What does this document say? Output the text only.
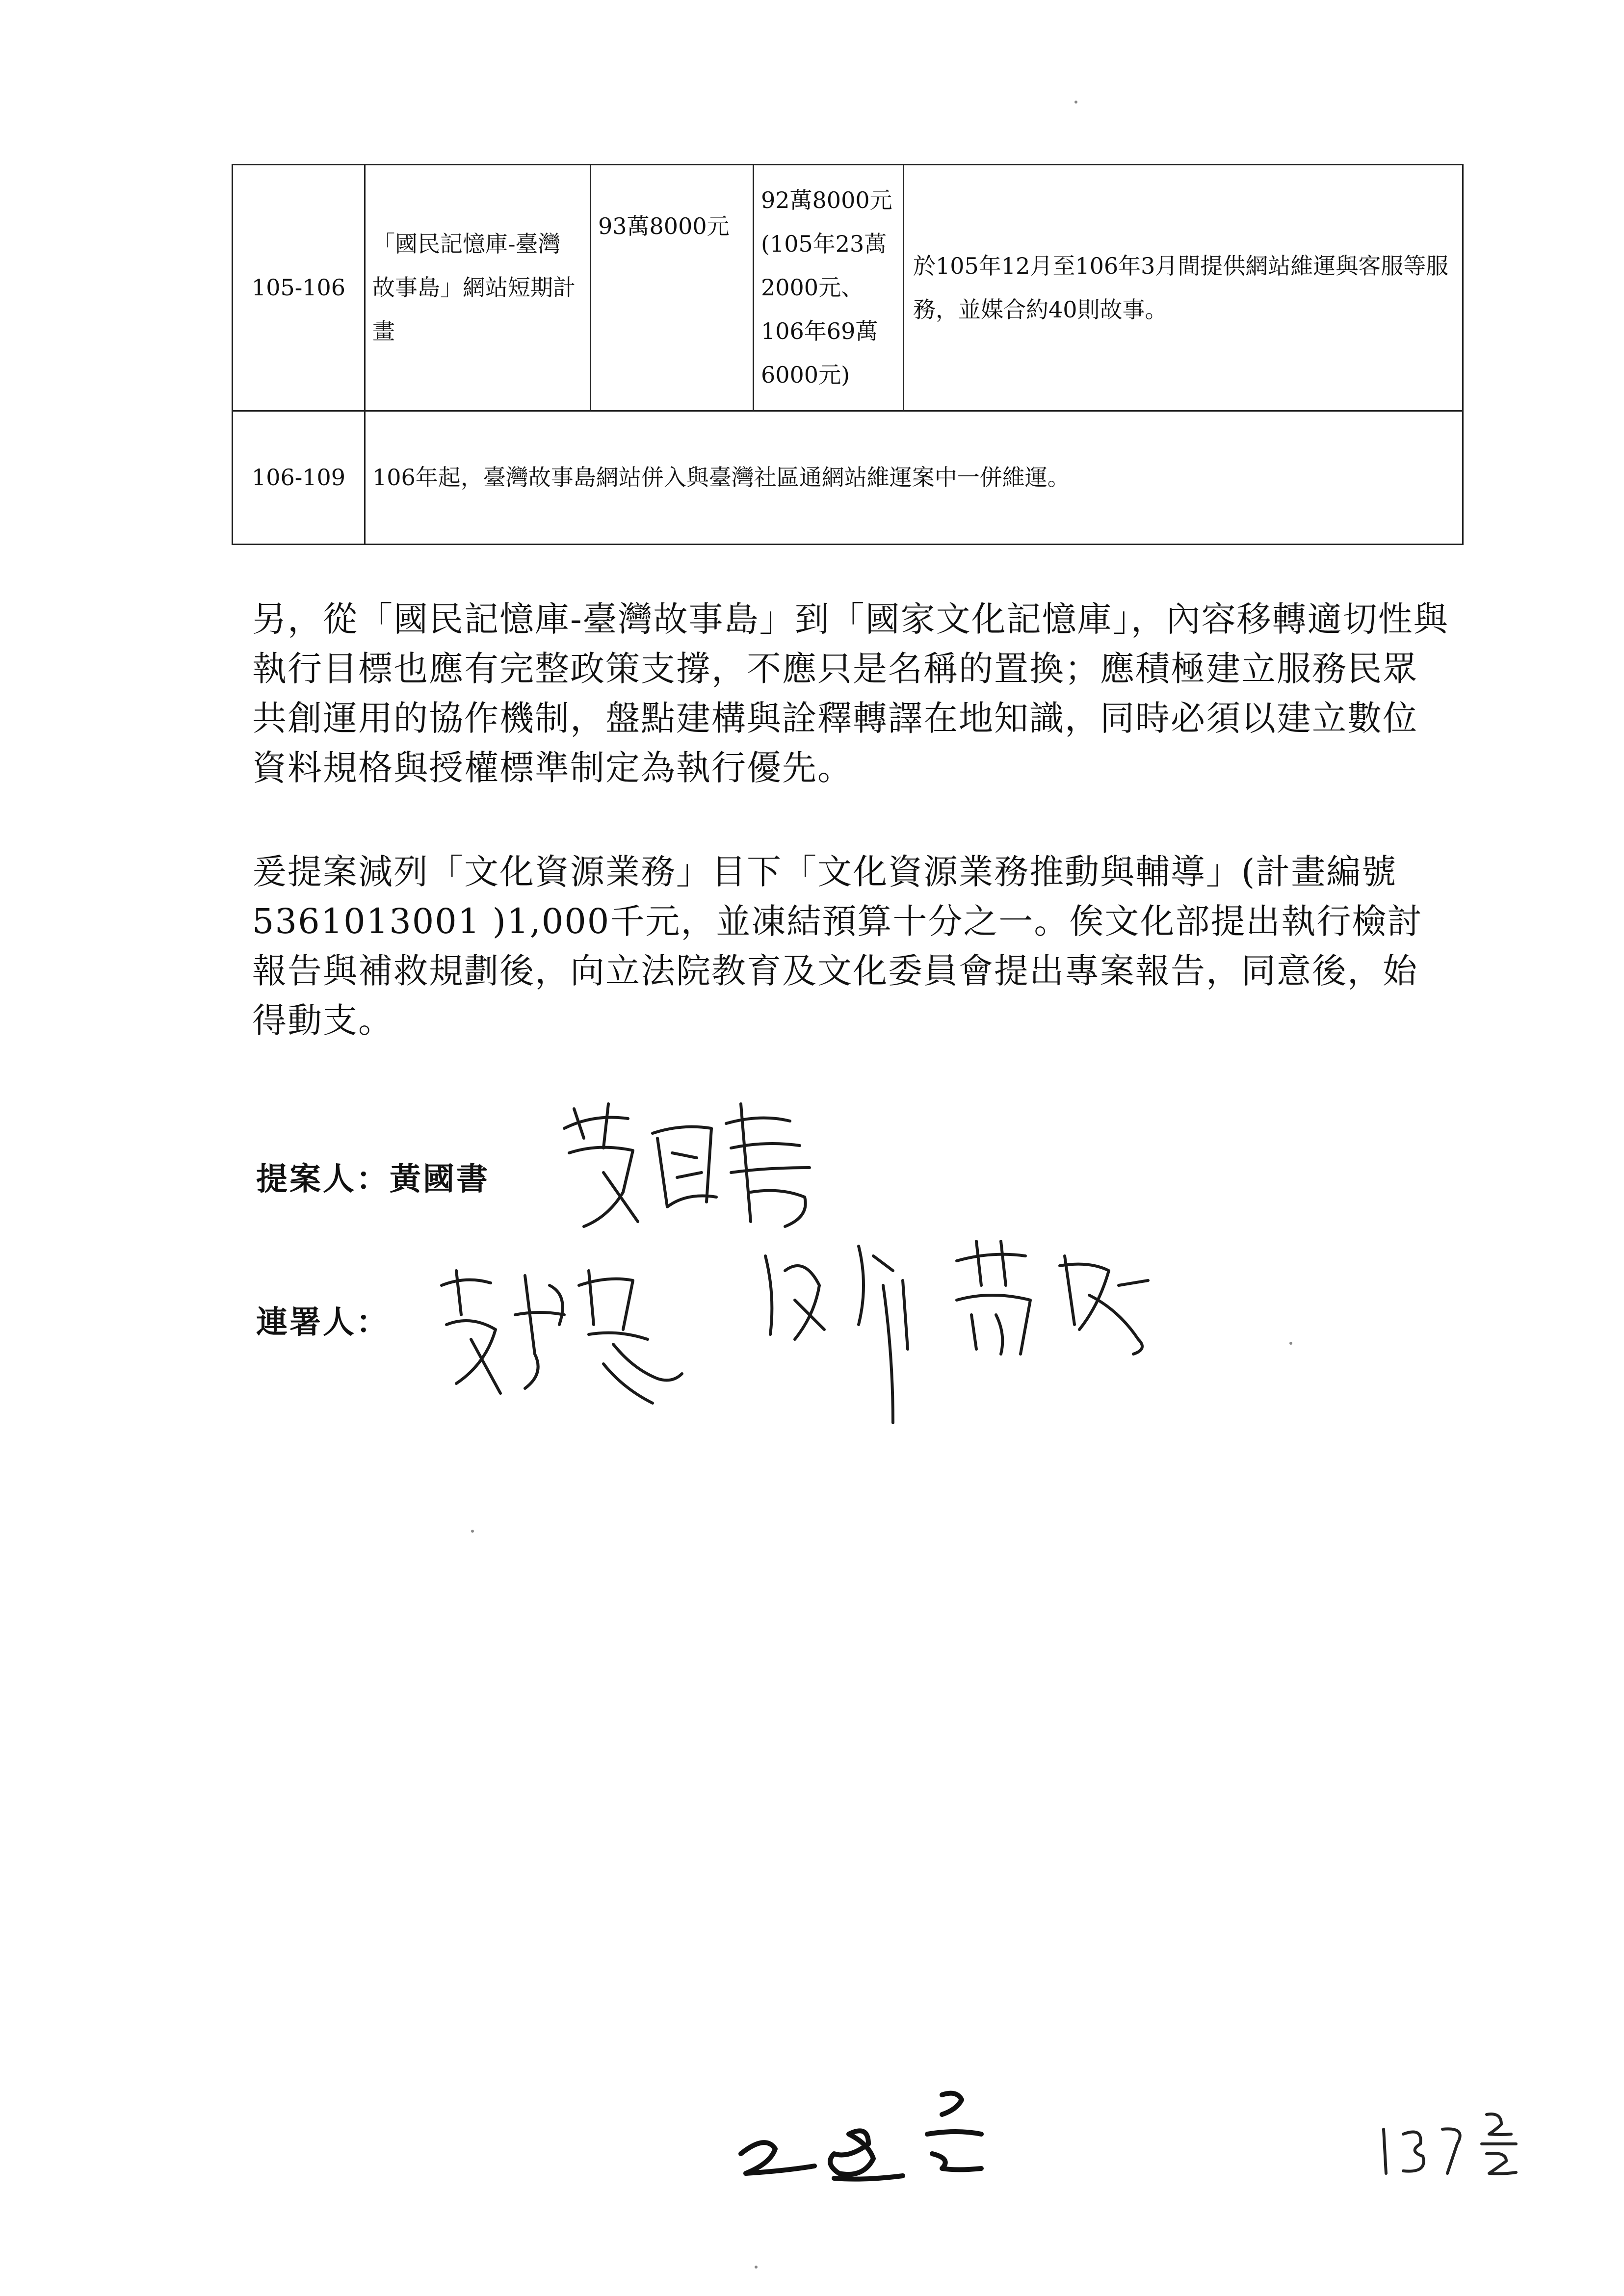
105-106	「國民記憶庫-臺灣故事島」網站短期計畫	93萬8000元	92萬8000元(105年23萬2000元、106年69萬6000元)	於105年12月至106年3月間提供網站維運與客服等服務，並媒合約40則故事。
106-109	106年起，臺灣故事島網站併入與臺灣社區通網站維運案中一併維運。			

另，從「國民記憶庫-臺灣故事島」到「國家文化記憶庫」，內容移轉適切性與執行目標也應有完整政策支撐，不應只是名稱的置換；應積極建立服務民眾共創運用的協作機制，盤點建構與詮釋轉譯在地知識，同時必須以建立數位資料規格與授權標準制定為執行優先。

爰提案減列「文化資源業務」目下「文化資源業務推動與輔導」(計畫編號5361013001 )1,000千元，並凍結預算十分之一。俟文化部提出執行檢討報告與補救規劃後，向立法院教育及文化委員會提出專案報告，同意後，始得動支。

提案人：黃國書
連署人：
